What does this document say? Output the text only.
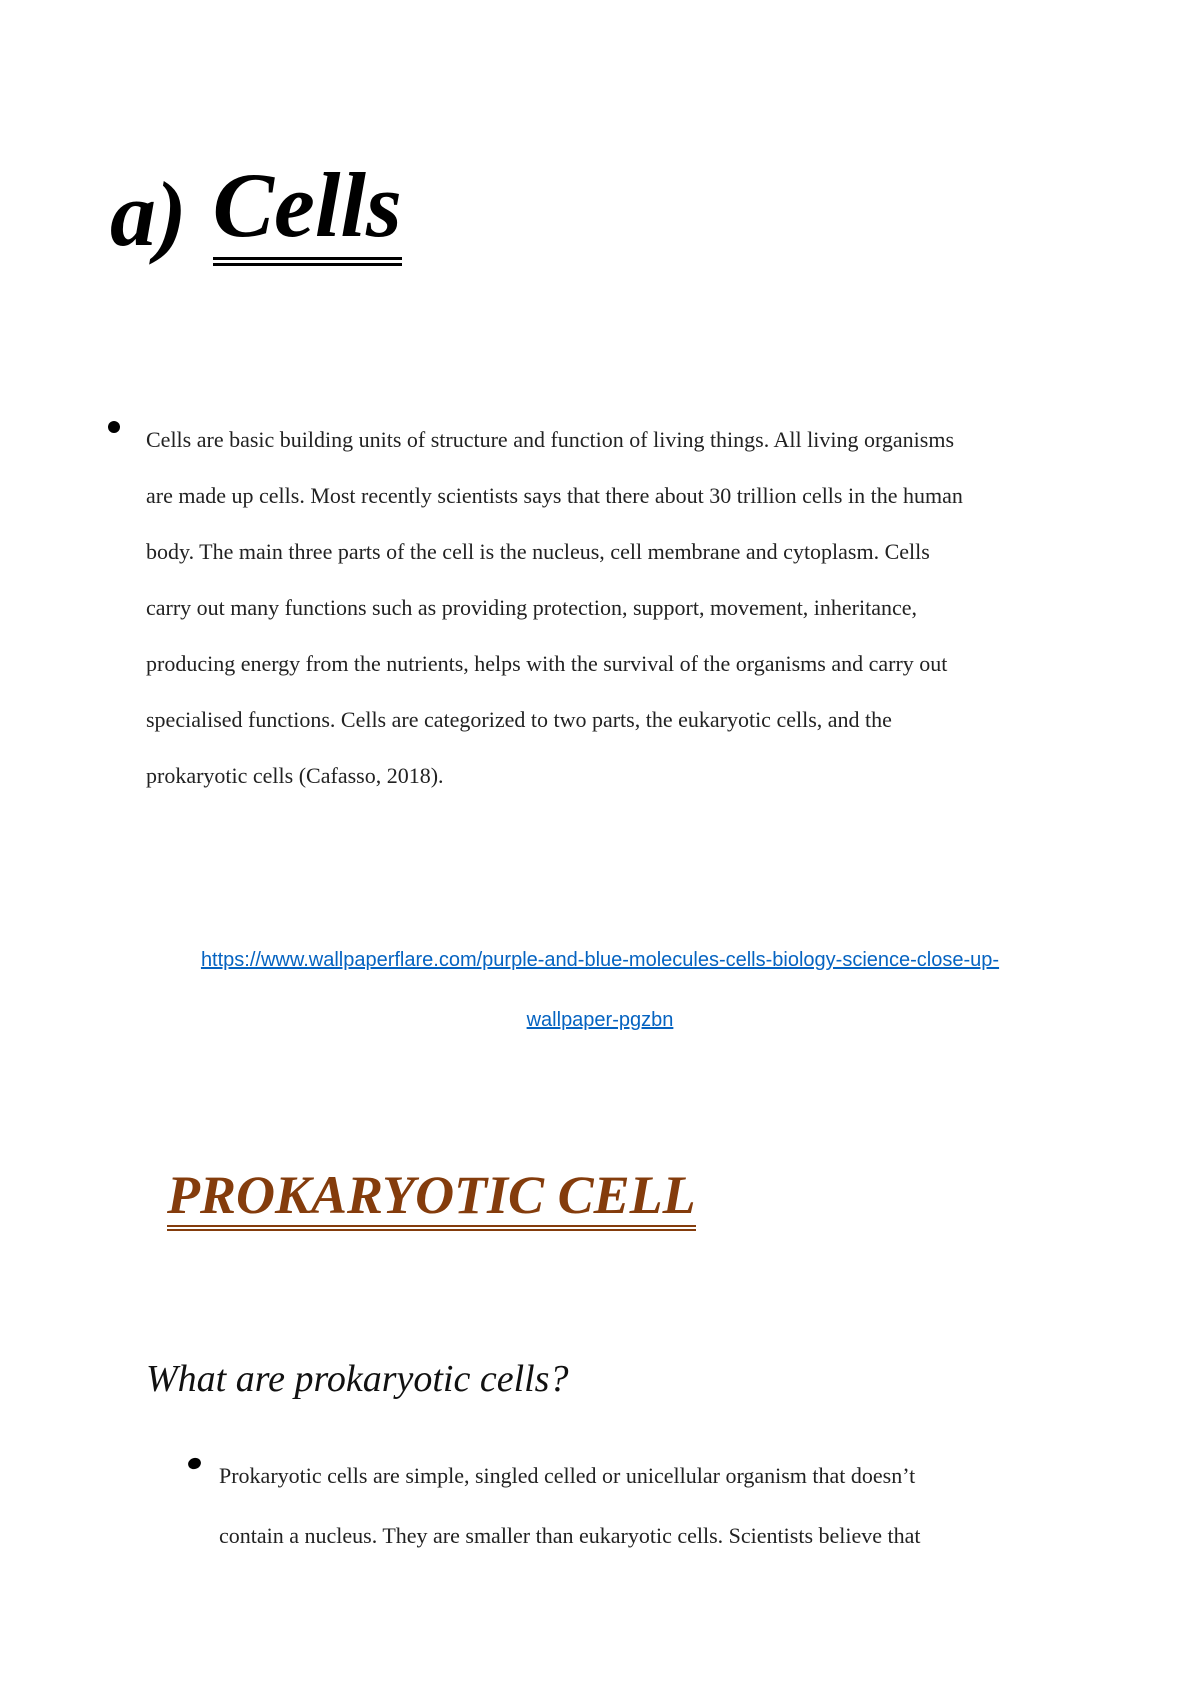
a) Cells

Cells are basic building units of structure and function of living things. All living organisms
are made up cells. Most recently scientists says that there about 30 trillion cells in the human
body. The main three parts of the cell is the nucleus, cell membrane and cytoplasm. Cells
carry out many functions such as providing protection, support, movement, inheritance,
producing energy from the nutrients, helps with the survival of the organisms and carry out
specialised functions. Cells are categorized to two parts, the eukaryotic cells, and the
prokaryotic cells (Cafasso, 2018).

https://www.wallpaperflare.com/purple-and-blue-molecules-cells-biology-science-close-up-
wallpaper-pgzbn
PROKARYOTIC CELL
What are prokaryotic cells?

Prokaryotic cells are simple, singled celled or unicellular organism that doesn’t
contain a nucleus. They are smaller than eukaryotic cells. Scientists believe that
